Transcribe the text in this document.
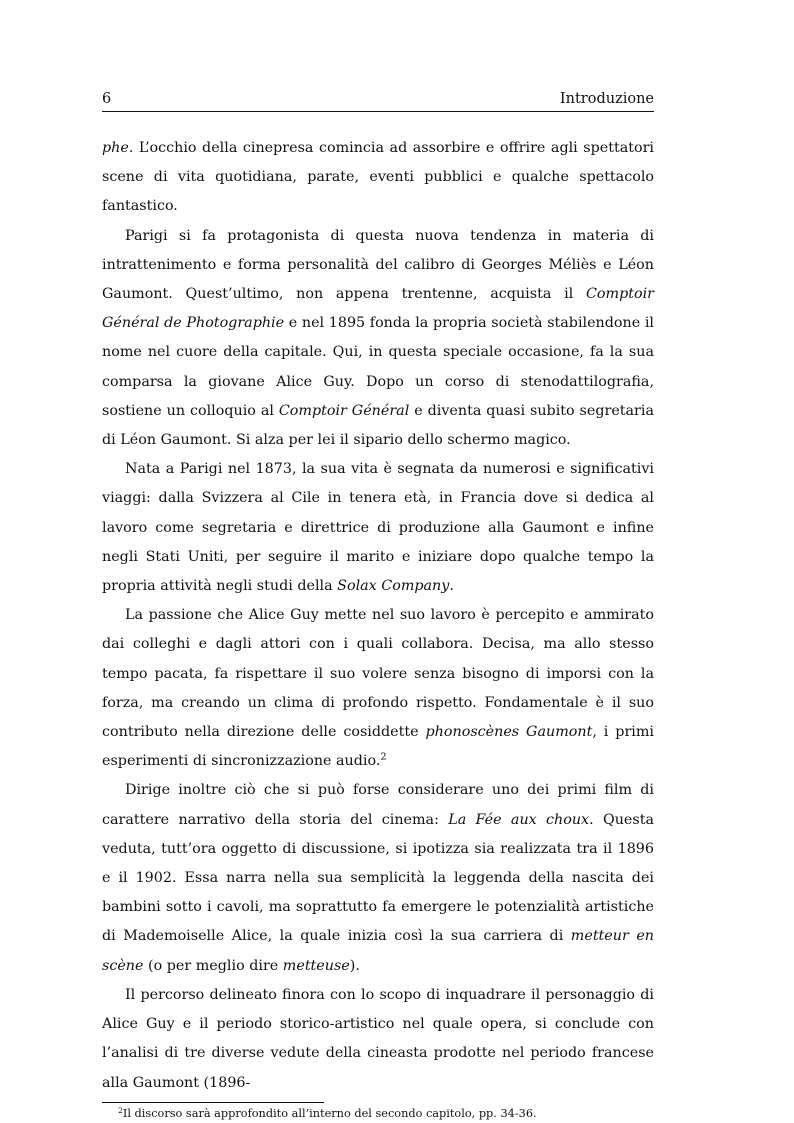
6	Introduzione

phe. L’occhio della cinepresa comincia ad assorbire e offrire agli spettatori scene di vita quotidiana, parate, eventi pubblici e qualche spettacolo fantastico.

Parigi si fa protagonista di questa nuova tendenza in materia di intrattenimento e forma personalità del calibro di Georges Méliès e Léon Gaumont. Quest’ultimo, non appena trentenne, acquista il Comptoir Général de Photographie e nel 1895 fonda la propria società stabilendone il nome nel cuore della capitale. Qui, in questa speciale occasione, fa la sua comparsa la giovane Alice Guy. Dopo un corso di stenodattilografia, sostiene un colloquio al Comptoir Général e diventa quasi subito segretaria di Léon Gaumont. Si alza per lei il sipario dello schermo magico.

Nata a Parigi nel 1873, la sua vita è segnata da numerosi e significativi viaggi: dalla Svizzera al Cile in tenera età, in Francia dove si dedica al lavoro come segretaria e direttrice di produzione alla Gaumont e infine negli Stati Uniti, per seguire il marito e iniziare dopo qualche tempo la propria attività negli studi della Solax Company.

La passione che Alice Guy mette nel suo lavoro è percepito e ammirato dai colleghi e dagli attori con i quali collabora. Decisa, ma allo stesso tempo pacata, fa rispettare il suo volere senza bisogno di imporsi con la forza, ma creando un clima di profondo rispetto. Fondamentale è il suo contributo nella direzione delle cosiddette phonoscènes Gaumont, i primi esperimenti di sincronizzazione audio.$^2$

Dirige inoltre ciò che si può forse considerare uno dei primi film di carattere narrativo della storia del cinema: La Fée aux choux. Questa veduta, tutt’ora oggetto di discussione, si ipotizza sia realizzata tra il 1896 e il 1902. Essa narra nella sua semplicità la leggenda della nascita dei bambini sotto i cavoli, ma soprattutto fa emergere le potenzialità artistiche di Mademoiselle Alice, la quale inizia così la sua carriera di metteur en scène (o per meglio dire metteuse).

Il percorso delineato finora con lo scopo di inquadrare il personaggio di Alice Guy e il periodo storico-artistico nel quale opera, si conclude con l’analisi di tre diverse vedute della cineasta prodotte nel periodo francese alla Gaumont (1896-

$^2$Il discorso sarà approfondito all’interno del secondo capitolo, pp. 34-36.
